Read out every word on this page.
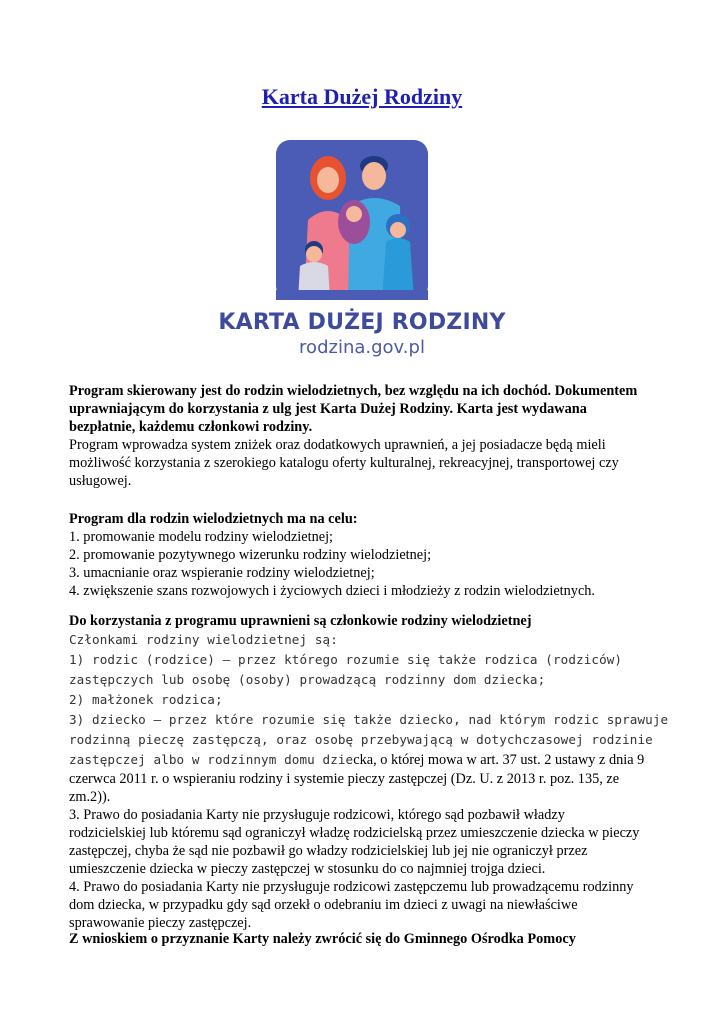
Karta Dużej Rodziny
KARTA DUŻEJ RODZINY
rodzina.gov.pl
Program skierowany jest do rodzin wielodzietnych, bez względu na ich dochód. Dokumentem
uprawniającym do korzystania z ulg jest Karta Dużej Rodziny. Karta jest wydawana
bezpłatnie, każdemu członkowi rodziny.
Program wprowadza system zniżek oraz dodatkowych uprawnień, a jej posiadacze będą mieli
możliwość korzystania z szerokiego katalogu oferty kulturalnej, rekreacyjnej, transportowej czy
usługowej.
Program dla rodzin wielodzietnych ma na celu:
1. promowanie modelu rodziny wielodzietnej;
2. promowanie pozytywnego wizerunku rodziny wielodzietnej;
3. umacnianie oraz wspieranie rodziny wielodzietnej;
4. zwiększenie szans rozwojowych i życiowych dzieci i młodzieży z rodzin wielodzietnych.
Do korzystania z programu uprawnieni są członkowie rodziny wielodzietnej
Członkami rodziny wielodzietnej są:
1) rodzic (rodzice) – przez którego rozumie się także rodzica (rodziców)
zastępczych lub osobę (osoby) prowadzącą rodzinny dom dziecka;
2) małżonek rodzica;
3) dziecko – przez które rozumie się także dziecko, nad którym rodzic sprawuje
rodzinną pieczę zastępczą, oraz osobę przebywającą w dotychczasowej rodzinie
zastępczej albo w rodzinnym domu dziecka, o której mowa w art. 37 ust. 2 ustawy z dnia 9
czerwca 2011 r. o wspieraniu rodziny i systemie pieczy zastępczej (Dz. U. z 2013 r. poz. 135, ze
zm.2)).
3. Prawo do posiadania Karty nie przysługuje rodzicowi, którego sąd pozbawił władzy
rodzicielskiej lub któremu sąd ograniczył władzę rodzicielską przez umieszczenie dziecka w pieczy
zastępczej, chyba że sąd nie pozbawił go władzy rodzicielskiej lub jej nie ograniczył przez
umieszczenie dziecka w pieczy zastępczej w stosunku do co najmniej trojga dzieci.
4. Prawo do posiadania Karty nie przysługuje rodzicowi zastępczemu lub prowadzącemu rodzinny
dom dziecka, w przypadku gdy sąd orzekł o odebraniu im dzieci z uwagi na niewłaściwe
sprawowanie pieczy zastępczej.
Z wnioskiem o przyznanie Karty należy zwrócić się do Gminnego Ośrodka Pomocy
